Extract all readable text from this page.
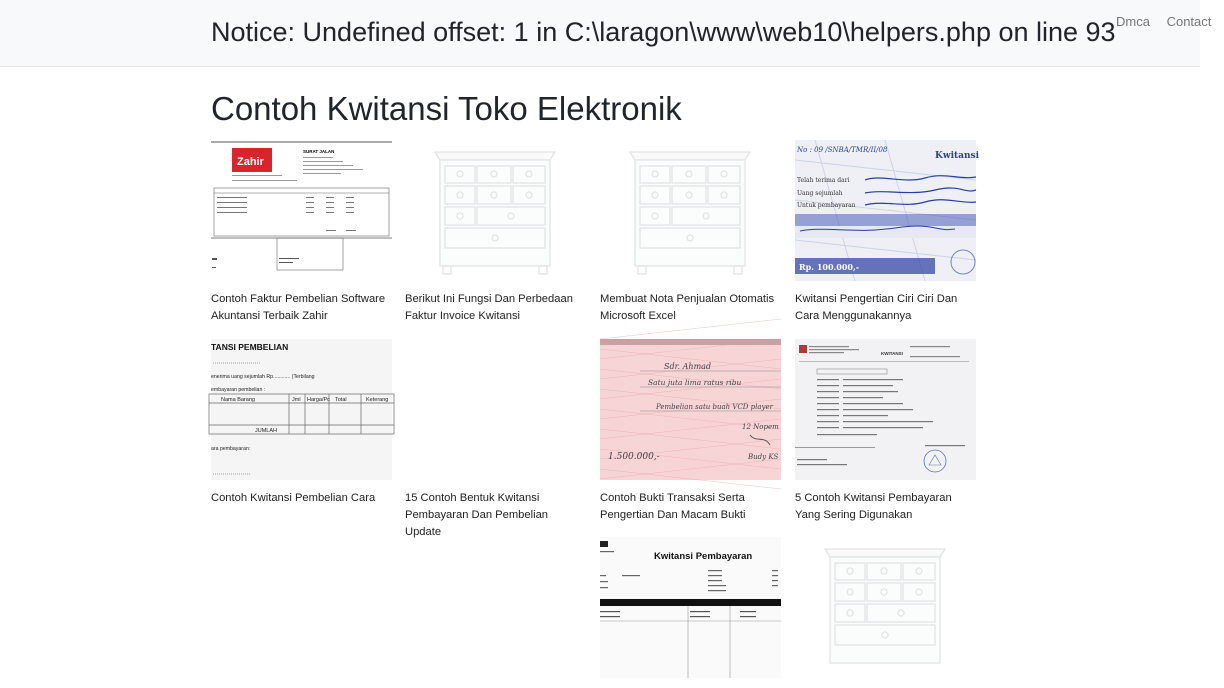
Notice: Undefined offset: 1 in C:\laragon\www\web10\helpers.php on line 93 Dmca Contact
Contoh Kwitansi Toko Elektronik
Zahir
SURAT JALAN
Contoh Faktur Pembelian Software Akuntansi Terbaik Zahir
Berikut Ini Fungsi Dan Perbedaan Faktur Invoice Kwitansi
Membuat Nota Penjualan Otomatis Microsoft Excel
Kwitansi
No : 09 /SNBA/TMR/II/08
Telah terima dari
Uang sejumlah
Untuk pembayaran
Rp. 100.000,-
Kwitansi Pengertian Ciri Ciri Dan Cara Menggunakannya
TANSI PEMBELIAN
enerima uang sejumlah Rp............ (Terbilang
embayaran pembelian :
Nama Barang	Jml Harga/Pc Total	Keterang
JUMLAH
ara pembayaran:
Contoh Kwitansi Pembelian Cara	15 Contoh Bentuk Kwitansi Pembayaran Dan Pembelian Update
Sdr. Ahmad
Satu juta lima ratus ribu
Pembelian satu buah VCD player
12 Nopem
1.500.000,-	Budy KS
Contoh Bukti Transaksi Serta Pengertian Dan Macam Bukti
KWITANSI
5 Contoh Kwitansi Pembayaran Yang Sering Digunakan
Kwitansi Pembayaran
